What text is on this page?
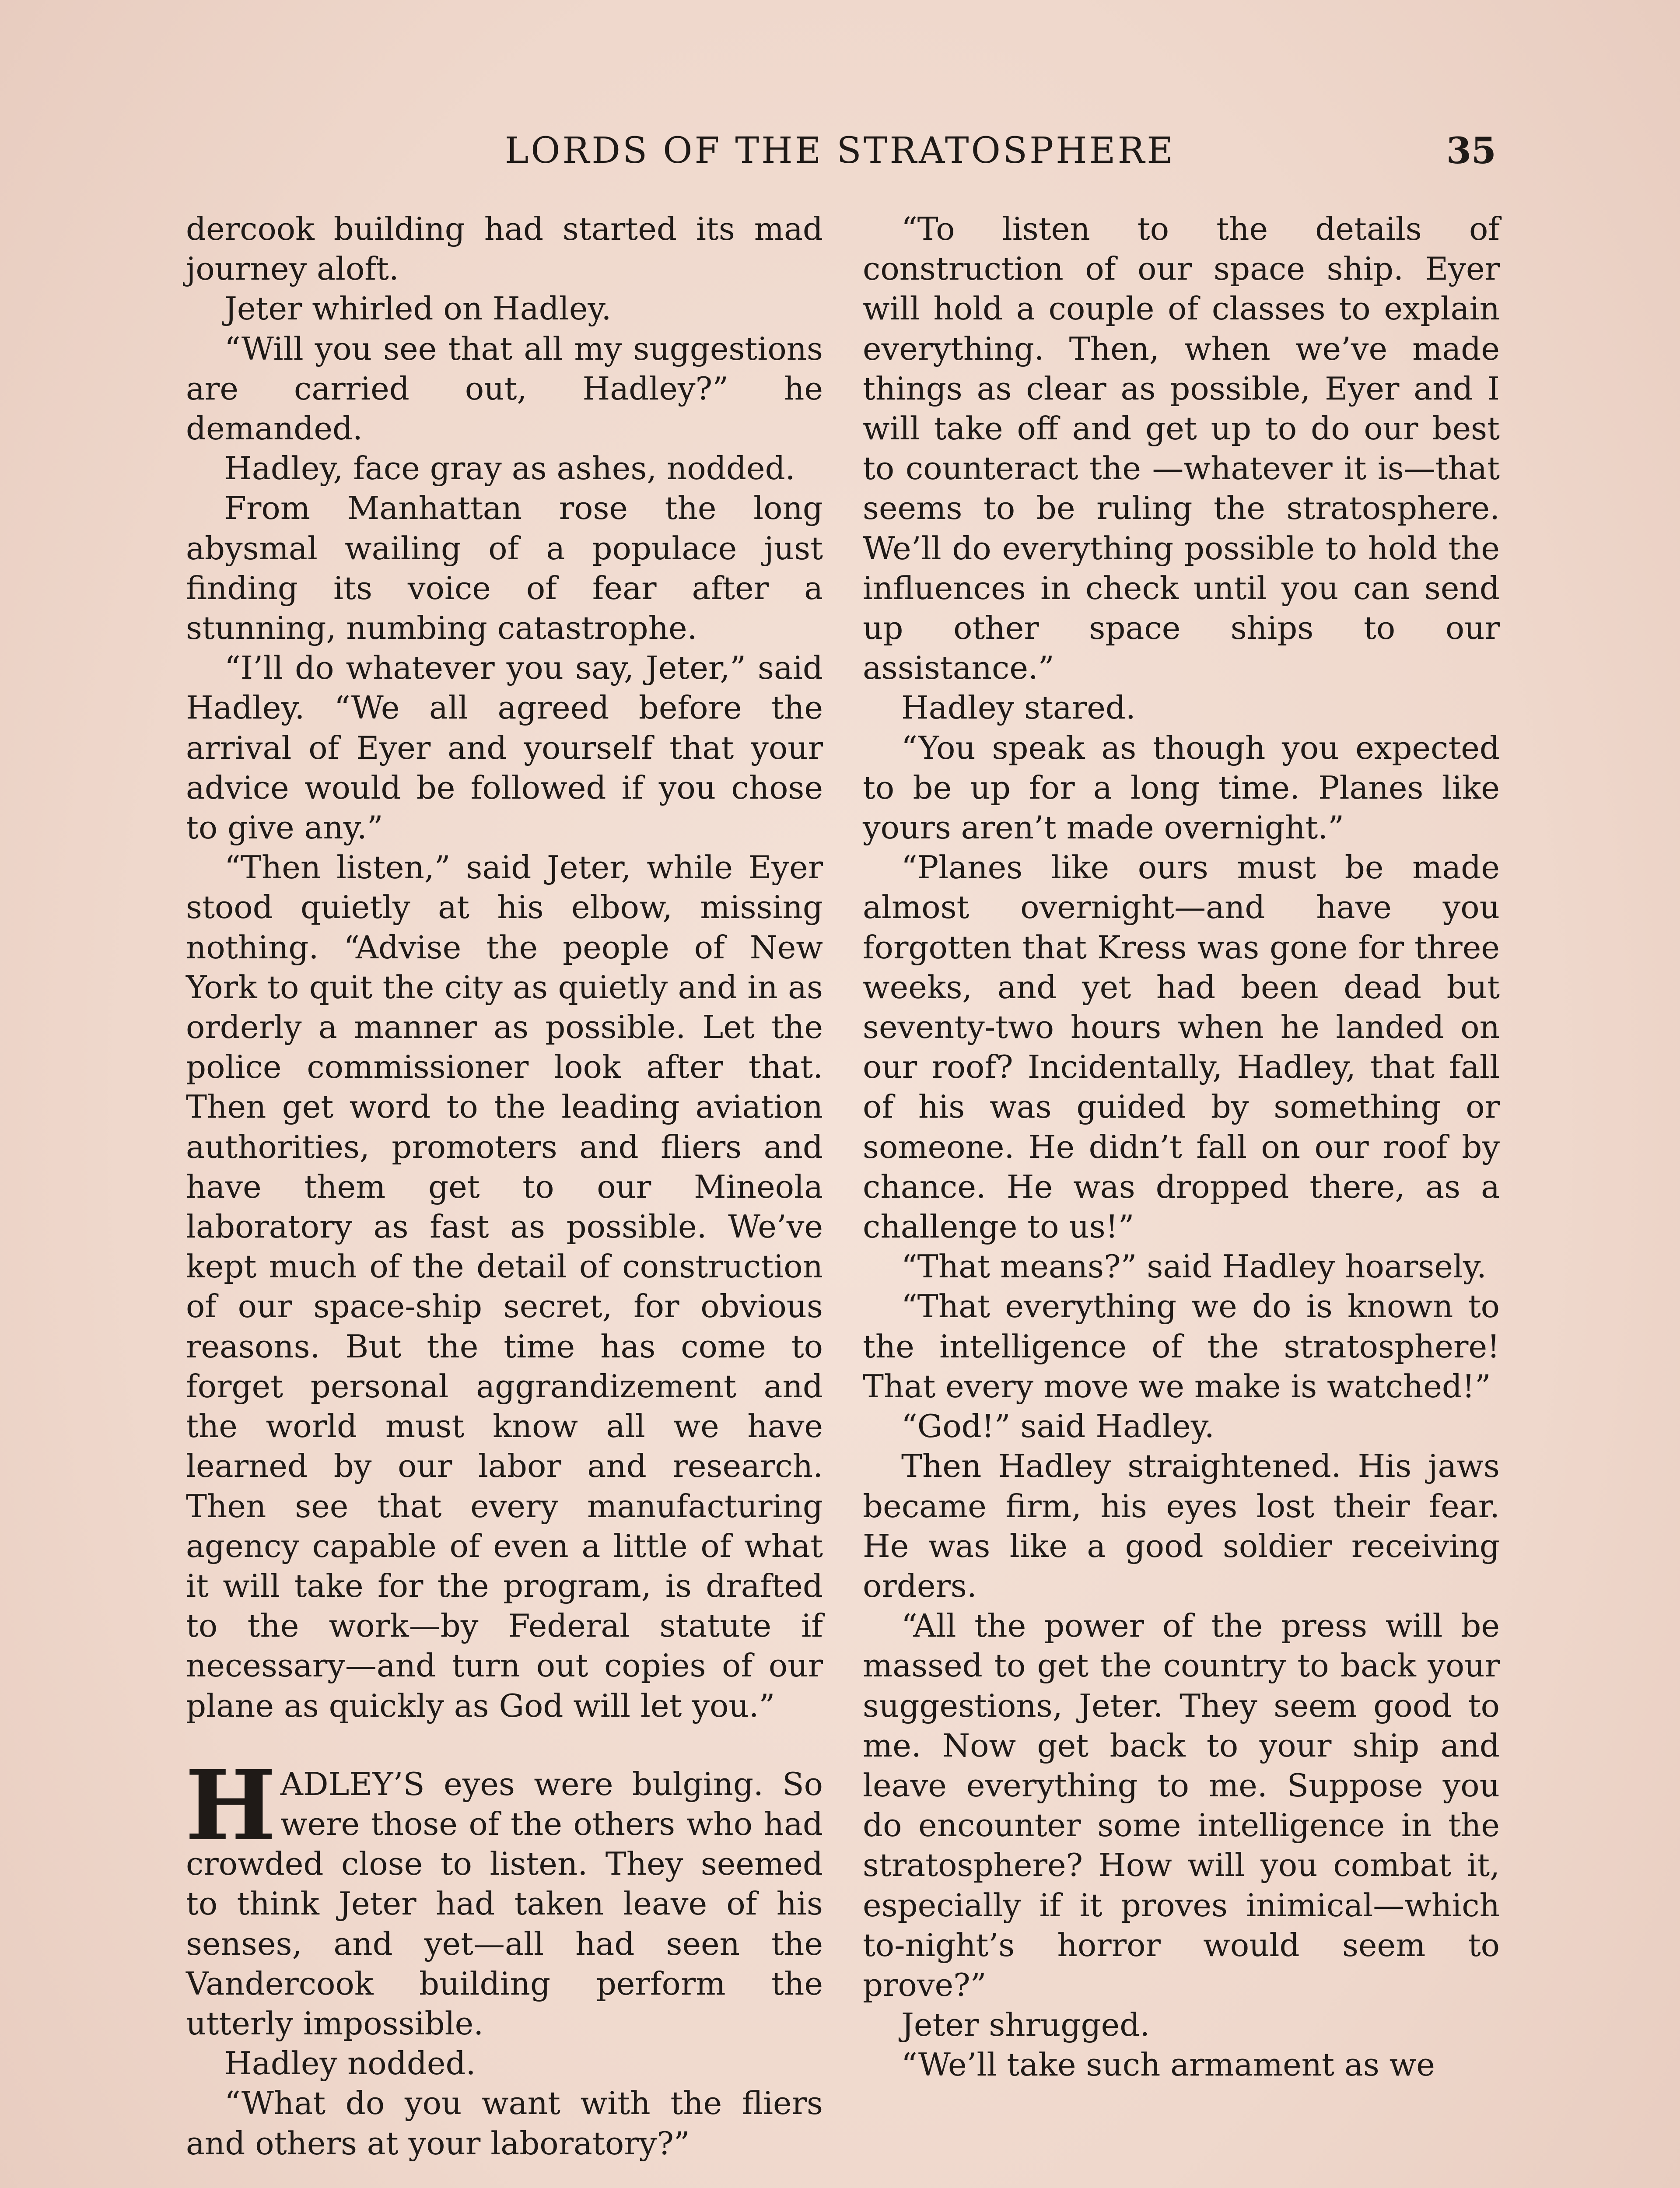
LORDS OF THE STRATOSPHERE	35

dercook building had started its mad journey aloft.

Jeter whirled on Hadley.

“Will you see that all my suggestions are carried out, Hadley?” he demanded.

Hadley, face gray as ashes, nodded.

From Manhattan rose the long abysmal wailing of a populace just finding its voice of fear after a stunning, numbing catastrophe.

“I’ll do whatever you say, Jeter,” said Hadley. “We all agreed before the arrival of Eyer and yourself that your advice would be followed if you chose to give any.”

“Then listen,” said Jeter, while Eyer stood quietly at his elbow, missing nothing. “Advise the people of New York to quit the city as quietly and in as orderly a manner as possible. Let the police commissioner look after that. Then get word to the leading aviation authorities, promoters and fliers and have them get to our Mineola laboratory as fast as possible. We’ve kept much of the detail of construction of our space-ship secret, for obvious reasons. But the time has come to forget personal aggrandizement and the world must know all we have learned by our labor and research. Then see that every manufacturing agency capable of even a little of what it will take for the program, is drafted to the work—by Federal statute if necessary—and turn out copies of our plane as quickly as God will let you.”

HADLEY’S eyes were bulging. So were those of the others who had crowded close to listen. They seemed to think Jeter had taken leave of his senses, and yet—all had seen the Vandercook building perform the utterly impossible.

Hadley nodded.

“What do you want with the fliers and others at your laboratory?”

“To listen to the details of construction of our space ship. Eyer will hold a couple of classes to explain everything. Then, when we’ve made things as clear as possible, Eyer and I will take off and get up to do our best to counteract the —whatever it is—that seems to be ruling the stratosphere. We’ll do everything possible to hold the influences in check until you can send up other space ships to our assistance.”

Hadley stared.

“You speak as though you expected to be up for a long time. Planes like yours aren’t made overnight.”

“Planes like ours must be made almost overnight—and have you forgotten that Kress was gone for three weeks, and yet had been dead but seventy-two hours when he landed on our roof? Incidentally, Hadley, that fall of his was guided by something or someone. He didn’t fall on our roof by chance. He was dropped there, as a challenge to us!”

“That means?” said Hadley hoarsely.

“That everything we do is known to the intelligence of the stratosphere! That every move we make is watched!”

“God!” said Hadley.

Then Hadley straightened. His jaws became firm, his eyes lost their fear. He was like a good soldier receiving orders.

“All the power of the press will be massed to get the country to back your suggestions, Jeter. They seem good to me. Now get back to your ship and leave everything to me. Suppose you do encounter some intelligence in the stratosphere? How will you combat it, especially if it proves inimical—which to-night’s horror would seem to prove?”

Jeter shrugged.

“We’ll take such armament as we
